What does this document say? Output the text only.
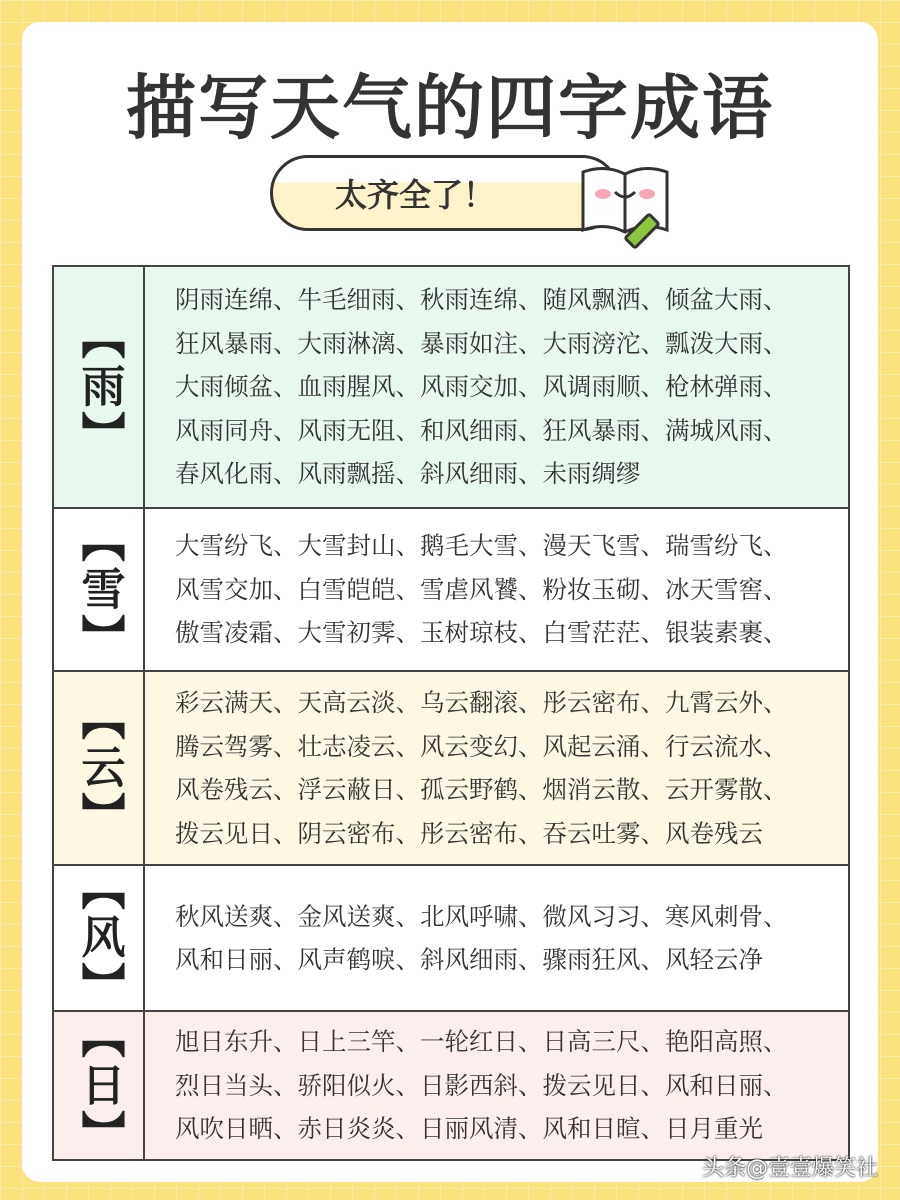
描写天气的四字成语
太齐全了！
【雨】
阴雨连绵、牛毛细雨、秋雨连绵、随风飘洒、倾盆大雨、
狂风暴雨、大雨淋漓、暴雨如注、大雨滂沱、瓢泼大雨、
大雨倾盆、血雨腥风、风雨交加、风调雨顺、枪林弹雨、
风雨同舟、风雨无阻、和风细雨、狂风暴雨、满城风雨、
春风化雨、风雨飘摇、斜风细雨、未雨绸缪
【雪】	大雪纷飞、大雪封山、鹅毛大雪、漫天飞雪、瑞雪纷飞、
风雪交加、白雪皑皑、雪虐风饕、粉妆玉砌、冰天雪窖、
傲雪凌霜、大雪初霁、玉树琼枝、白雪茫茫、银装素裹、
【云】	彩云满天、天高云淡、乌云翻滚、彤云密布、九霄云外、
腾云驾雾、壮志凌云、风云变幻、风起云涌、行云流水、
风卷残云、浮云蔽日、孤云野鹤、烟消云散、云开雾散、
拨云见日、阴云密布、彤云密布、吞云吐雾、风卷残云
【风】	秋风送爽、金风送爽、北风呼啸、微风习习、寒风刺骨、
风和日丽、风声鹤唳、斜风细雨、骤雨狂风、风轻云净
【日】	旭日东升、日上三竿、一轮红日、日高三尺、艳阳高照、
烈日当头、骄阳似火、日影西斜、拨云见日、风和日丽、
风吹日晒、赤日炎炎、日丽风清、风和日暄、日月重光
头条@壹壹爆笑社
